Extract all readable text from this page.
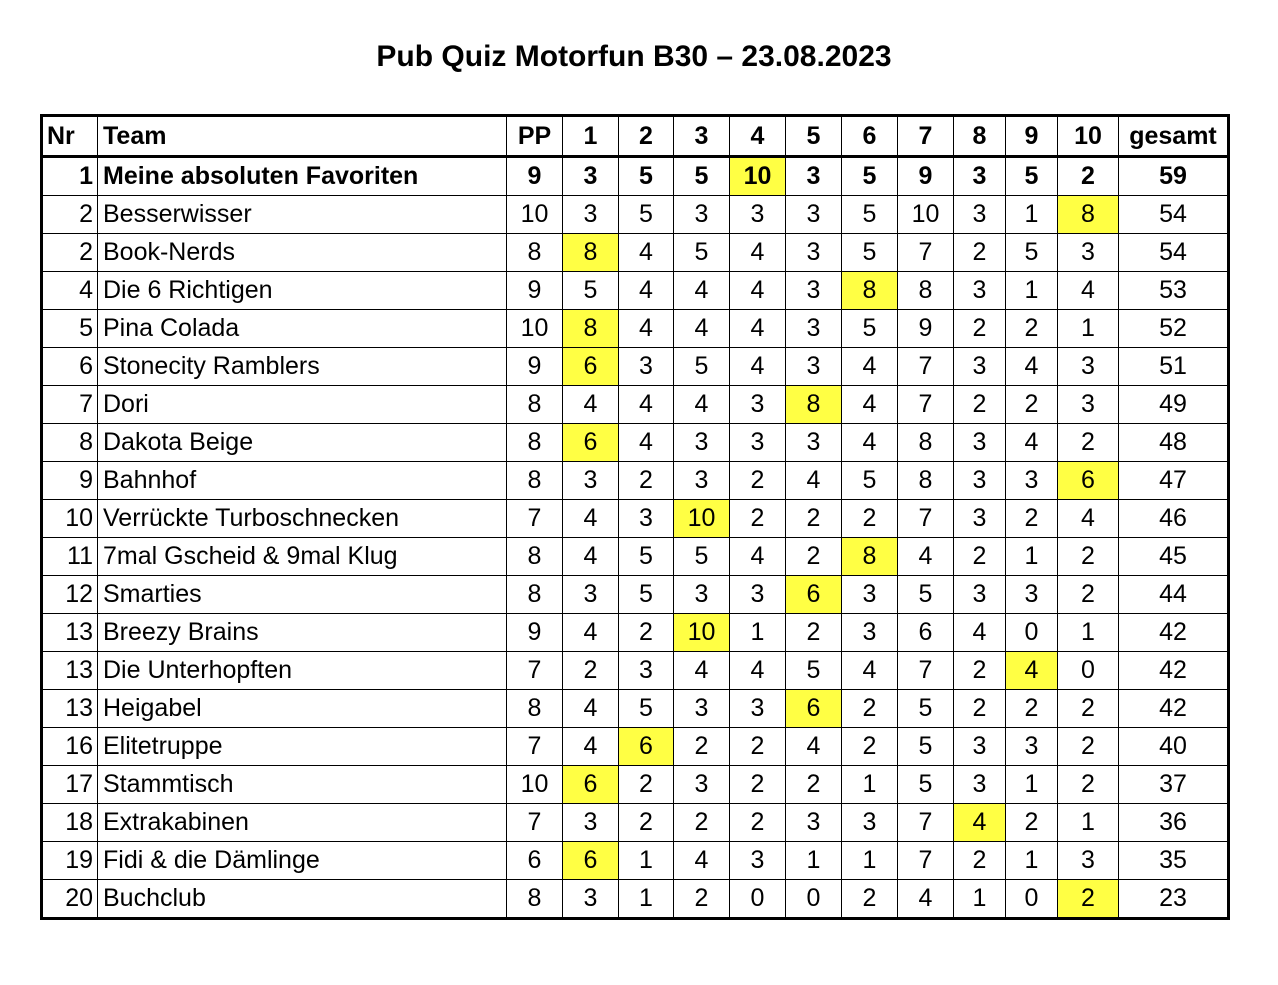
Pub Quiz Motorfun B30 – 23.08.2023
Nr	Team	PP	1	2	3	4	5	6	7	8	9	10	gesamt
1	Meine absoluten Favoriten	9	3	5	5	10	3	5	9	3	5	2	59
2	Besserwisser	10	3	5	3	3	3	5	10	3	1	8	54
2	Book-Nerds	8	8	4	5	4	3	5	7	2	5	3	54
4	Die 6 Richtigen	9	5	4	4	4	3	8	8	3	1	4	53
5	Pina Colada	10	8	4	4	4	3	5	9	2	2	1	52
6	Stonecity Ramblers	9	6	3	5	4	3	4	7	3	4	3	51
7	Dori	8	4	4	4	3	8	4	7	2	2	3	49
8	Dakota Beige	8	6	4	3	3	3	4	8	3	4	2	48
9	Bahnhof	8	3	2	3	2	4	5	8	3	3	6	47
10	Verrückte Turboschnecken	7	4	3	10	2	2	2	7	3	2	4	46
11	7mal Gscheid & 9mal Klug	8	4	5	5	4	2	8	4	2	1	2	45
12	Smarties	8	3	5	3	3	6	3	5	3	3	2	44
13	Breezy Brains	9	4	2	10	1	2	3	6	4	0	1	42
13	Die Unterhopften	7	2	3	4	4	5	4	7	2	4	0	42
13	Heigabel	8	4	5	3	3	6	2	5	2	2	2	42
16	Elitetruppe	7	4	6	2	2	4	2	5	3	3	2	40
17	Stammtisch	10	6	2	3	2	2	1	5	3	1	2	37
18	Extrakabinen	7	3	2	2	2	3	3	7	4	2	1	36
19	Fidi & die Dämlinge	6	6	1	4	3	1	1	7	2	1	3	35
20	Buchclub	8	3	1	2	0	0	2	4	1	0	2	23
